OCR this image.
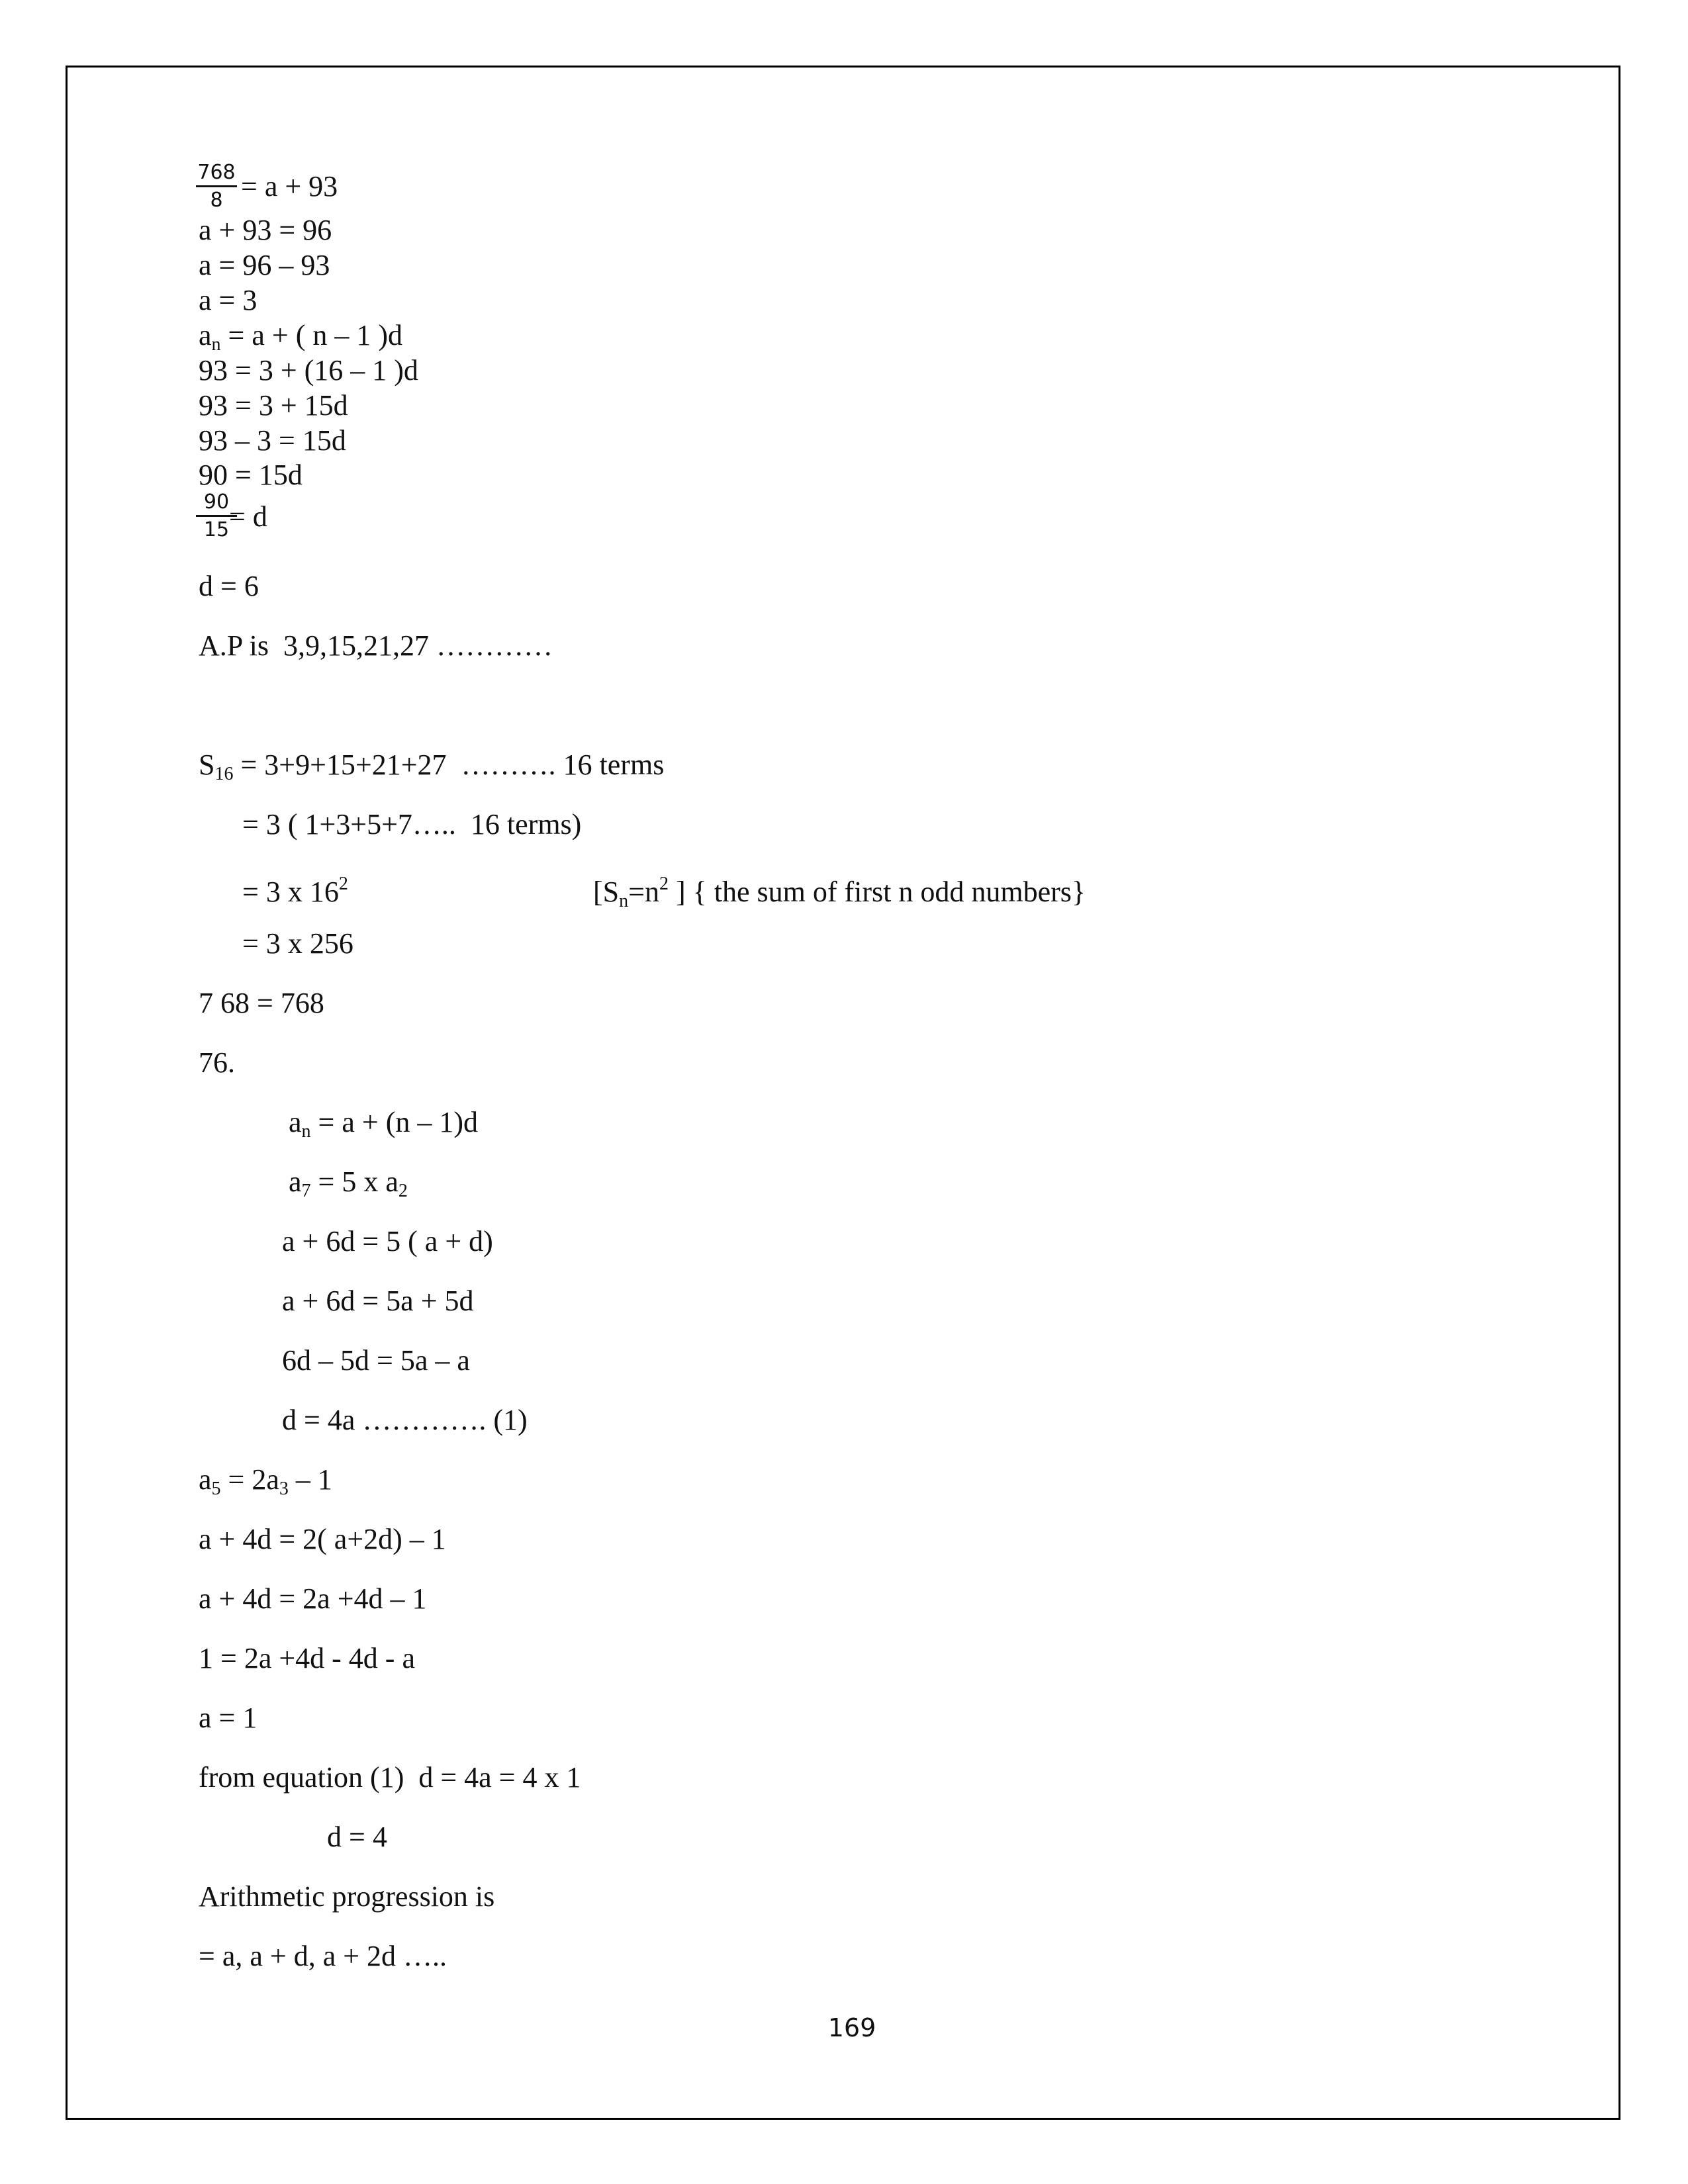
768
8 = a + 93
a + 93 = 96
a = 96 – 93
a = 3
$a_n = a$ + ( n – 1 )d
93 = 3 + (16 – 1 )d
93 = 3 + 15d
93 – 3 = 15d
90 = 15d
90
15 = d
d = 6
A.P is  3,9,15,21,27 …………
$S_{16} = 3+9+15+21+27$  ………. 16 terms
= 3 ( 1+3+5+7…..  16 terms)
= 3 x $16^2$	[$S_n=n^2$ ] { the sum of first n odd numbers}
= 3 x 256
7 68 = 768
76.
$a_n = a + (n - 1)d$
$a_7 = 5$ x $a_2$
a + 6d = 5 ( a + d)
a + 6d = 5a + 5d
6d – 5d = 5a – a
d = 4a …………. (1)
$a_5 = 2a_3 - 1$
a + 4d = 2( a+2d) – 1
a + 4d = 2a +4d – 1
1 = 2a +4d - 4d - a
a = 1
from equation (1)  d = 4a = 4 x 1
d = 4
Arithmetic progression is
= a, a + d, a + 2d …..
169
